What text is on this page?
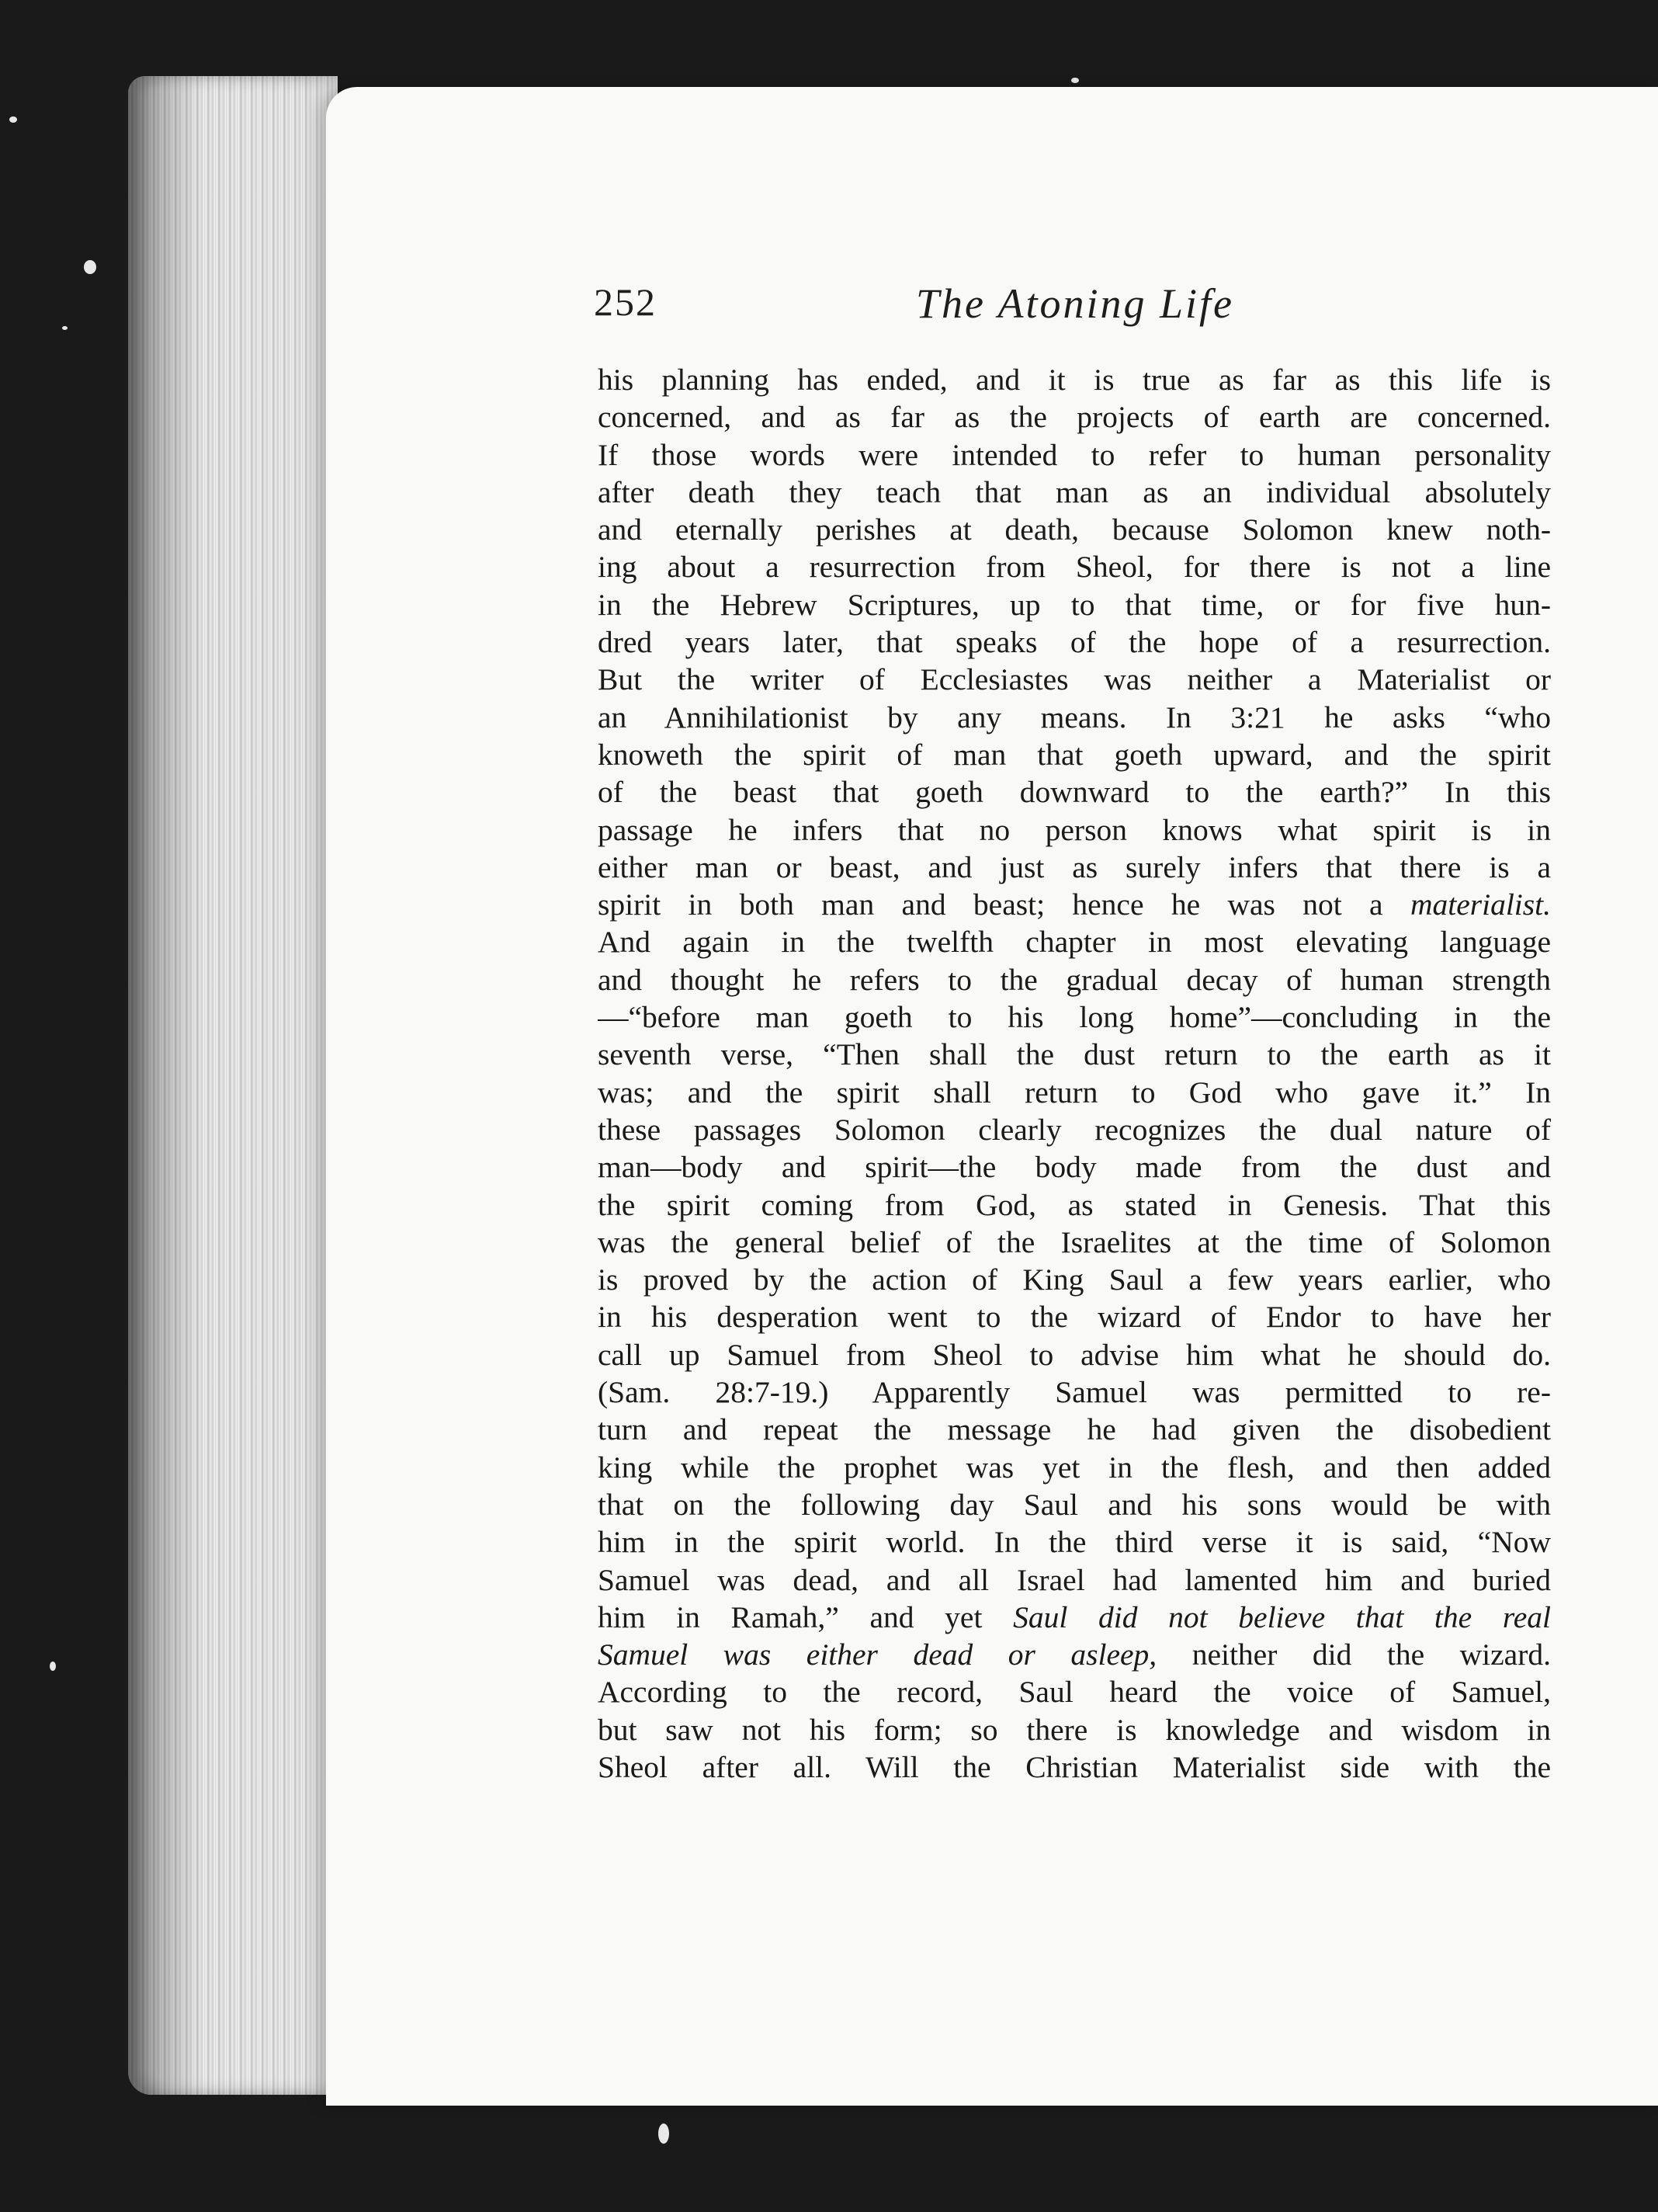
252	The Atoning Life
his planning has ended, and it is true as far as this life is
concerned, and as far as the projects of earth are concerned.
If those words were intended to refer to human personality
after death they teach that man as an individual absolutely
and eternally perishes at death, because Solomon knew noth-
ing about a resurrection from Sheol, for there is not a line
in the Hebrew Scriptures, up to that time, or for five hun-
dred years later, that speaks of the hope of a resurrection.
But the writer of Ecclesiastes was neither a Materialist or
an Annihilationist by any means. In 3:21 he asks “who
knoweth the spirit of man that goeth upward, and the spirit
of the beast that goeth downward to the earth?” In this
passage he infers that no person knows what spirit is in
either man or beast, and just as surely infers that there is a
spirit in both man and beast; hence he was not a materialist.
And again in the twelfth chapter in most elevating language
and thought he refers to the gradual decay of human strength
—“before man goeth to his long home”—concluding in the
seventh verse, “Then shall the dust return to the earth as it
was; and the spirit shall return to God who gave it.” In
these passages Solomon clearly recognizes the dual nature of
man—body and spirit—the body made from the dust and
the spirit coming from God, as stated in Genesis. That this
was the general belief of the Israelites at the time of Solomon
is proved by the action of King Saul a few years earlier, who
in his desperation went to the wizard of Endor to have her
call up Samuel from Sheol to advise him what he should do.
(Sam. 28:7-19.) Apparently Samuel was permitted to re-
turn and repeat the message he had given the disobedient
king while the prophet was yet in the flesh, and then added
that on the following day Saul and his sons would be with
him in the spirit world. In the third verse it is said, “Now
Samuel was dead, and all Israel had lamented him and buried
him in Ramah,” and yet Saul did not believe that the real
Samuel was either dead or asleep, neither did the wizard.
According to the record, Saul heard the voice of Samuel,
but saw not his form; so there is knowledge and wisdom in
Sheol after all. Will the Christian Materialist side with the
